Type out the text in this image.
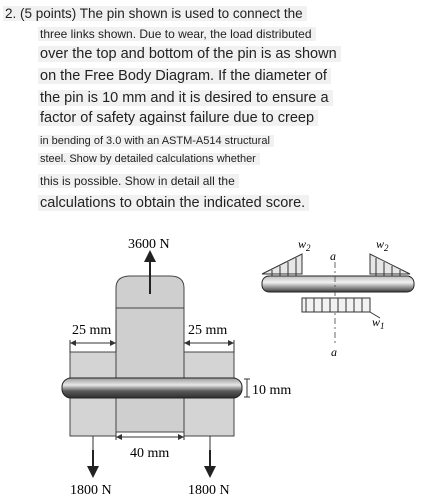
2. (5 points) The pin shown is used to connect the
three links shown. Due to wear, the load distributed
over the top and bottom of the pin is as shown
on the Free Body Diagram. If the diameter of
the pin is 10 mm and it is desired to ensure a
factor of safety against failure due to creep
in bending of 3.0 with an ASTM-A514 structural
steel. Show by detailed calculations whether
this is possible. Show in detail all the
calculations to obtain the indicated score.
3600 N
25 mm	25 mm
10 mm
40 mm
1800 N	1800 N
$w_2$	$w_2$
$w_1$
a
a
